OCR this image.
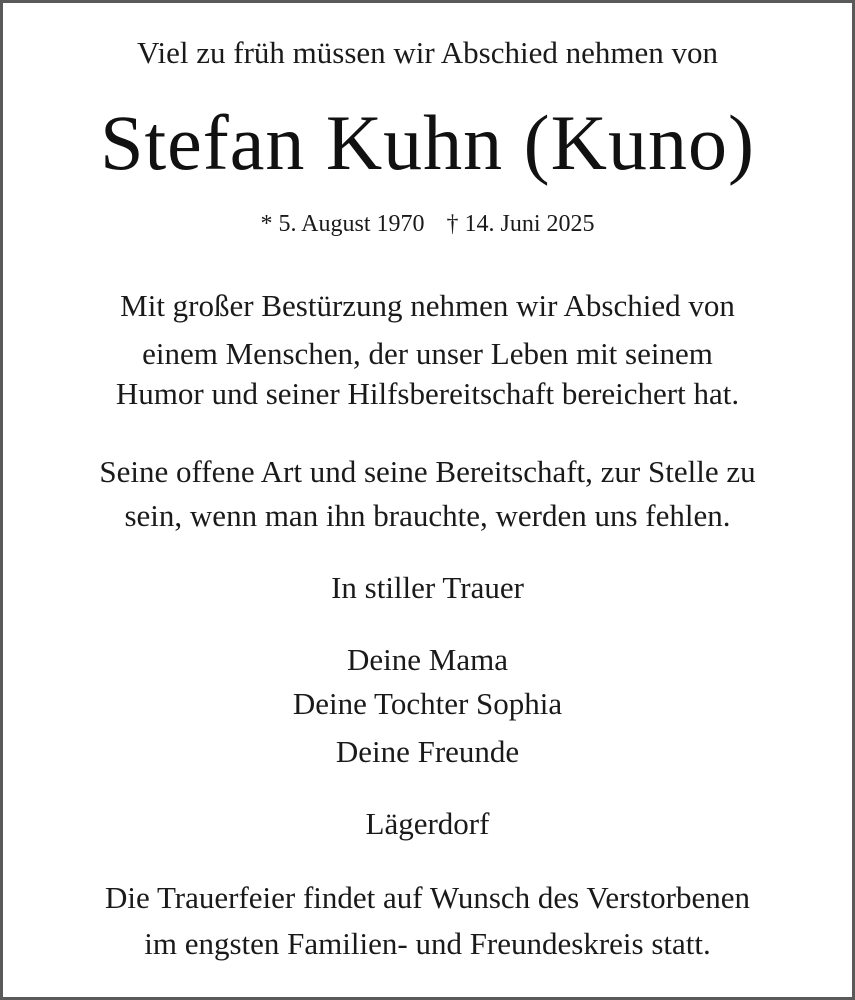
Viel zu früh müssen wir Abschied nehmen von

Stefan Kuhn (Kuno)

* 5. August 1970 † 14. Juni 2025

Mit großer Bestürzung nehmen wir Abschied von

einem Menschen, der unser Leben mit seinem

Humor und seiner Hilfsbereitschaft bereichert hat.

Seine offene Art und seine Bereitschaft, zur Stelle zu

sein, wenn man ihn brauchte, werden uns fehlen.

In stiller Trauer

Deine Mama

Deine Tochter Sophia

Deine Freunde

Lägerdorf

Die Trauerfeier findet auf Wunsch des Verstorbenen

im engsten Familien- und Freundeskreis statt.
